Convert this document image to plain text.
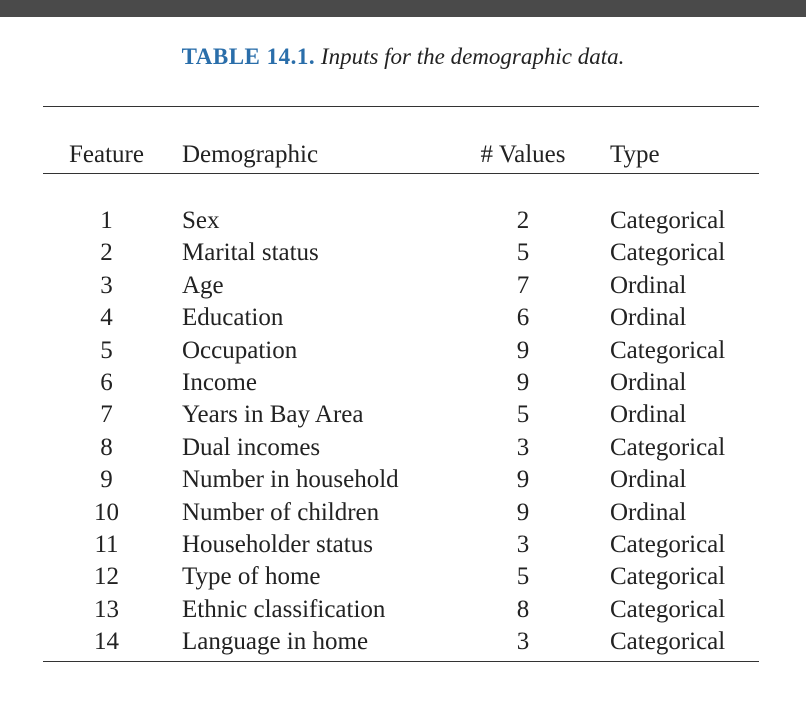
TABLE 14.1. Inputs for the demographic data.
Feature	Demographic	# Values	Type
1	Sex	2	Categorical
2	Marital status	5	Categorical
3	Age	7	Ordinal
4	Education	6	Ordinal
5	Occupation	9	Categorical
6	Income	9	Ordinal
7	Years in Bay Area	5	Ordinal
8	Dual incomes	3	Categorical
9	Number in household	9	Ordinal
10	Number of children	9	Ordinal
11	Householder status	3	Categorical
12	Type of home	5	Categorical
13	Ethnic classification	8	Categorical
14	Language in home	3	Categorical
